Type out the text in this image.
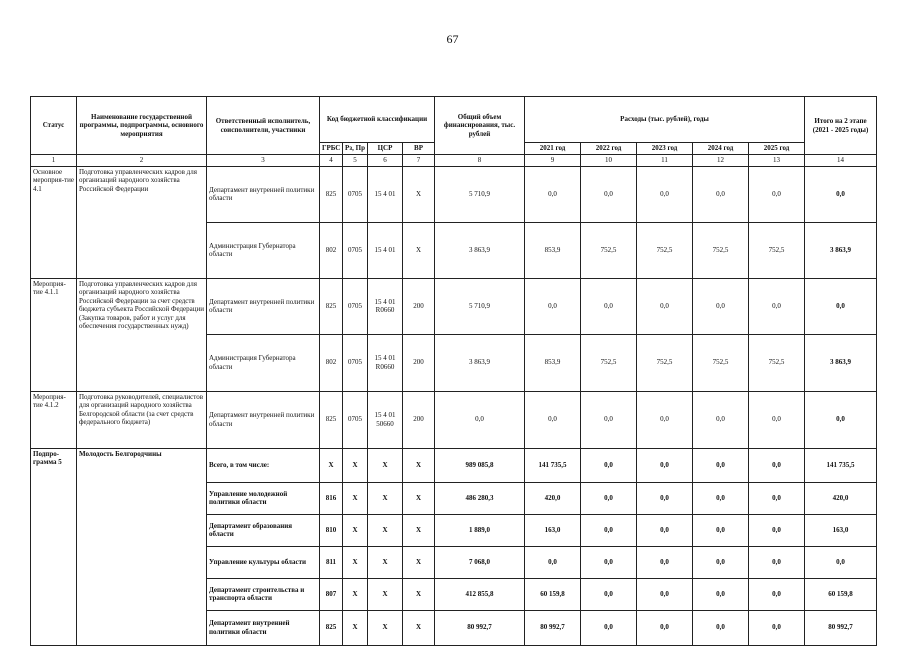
67
Статус	Наименование государственной программы, подпрограммы, основного мероприятия	Ответственный исполнитель, соисполнители, участники	Код бюджетной классификации				Общий объем финансирования, тыс. рублей	Расходы (тыс. рублей), годы					Итого на 2 этапе (2021 - 2025 годы)
			ГРБС	Рз, Пр	ЦСР	ВР		2021 год	2022 год	2023 год	2024 год	2025 год	
1	2	3	4	5	6	7	8	9	10	11	12	13	14
Основное мероприя-тие 4.1	Подготовка управленческих кадров для организаций народного хозяйства Российской Федерации	Департамент внутренней политики области	825	0705	15 4 01	Х	5 710,9	0,0	0,0	0,0	0,0	0,0	0,0
		Администрация Губернатора области	802	0705	15 4 01	Х	3 863,9	853,9	752,5	752,5	752,5	752,5	3 863,9
Мероприя-тие 4.1.1	Подготовка управленческих кадров для организаций народного хозяйства Российской Федерации за счет средств бюджета субъекта Российской Федерации (Закупка товаров, работ и услуг для обеспечения государственных нужд)	Департамент внутренней политики области	825	0705	15 4 01 R0660	200	5 710,9	0,0	0,0	0,0	0,0	0,0	0,0
		Администрация Губернатора области	802	0705	15 4 01 R0660	200	3 863,9	853,9	752,5	752,5	752,5	752,5	3 863,9
Мероприя-тие 4.1.2	Подготовка руководителей, специалистов для организаций народного хозяйства Белгородской области (за счет средств федерального бюджета)	Департамент внутренней политики области	825	0705	15 4 01 50660	200	0,0	0,0	0,0	0,0	0,0	0,0	0,0
Подпро-грамма 5	Молодость Белгородчины	Всего, в том числе:	Х	Х	Х	Х	989 085,8	141 735,5	0,0	0,0	0,0	0,0	141 735,5
		Управление молодежной политики области	816	Х	Х	Х	486 280,3	420,0	0,0	0,0	0,0	0,0	420,0
		Департамент образования области	810	Х	Х	Х	1 889,0	163,0	0,0	0,0	0,0	0,0	163,0
		Управление культуры области	811	Х	Х	Х	7 068,0	0,0	0,0	0,0	0,0	0,0	0,0
		Департамент строительства и транспорта области	807	Х	Х	Х	412 855,8	60 159,8	0,0	0,0	0,0	0,0	60 159,8
		Департамент внутренней политики области	825	Х	Х	Х	80 992,7	80 992,7	0,0	0,0	0,0	0,0	80 992,7
